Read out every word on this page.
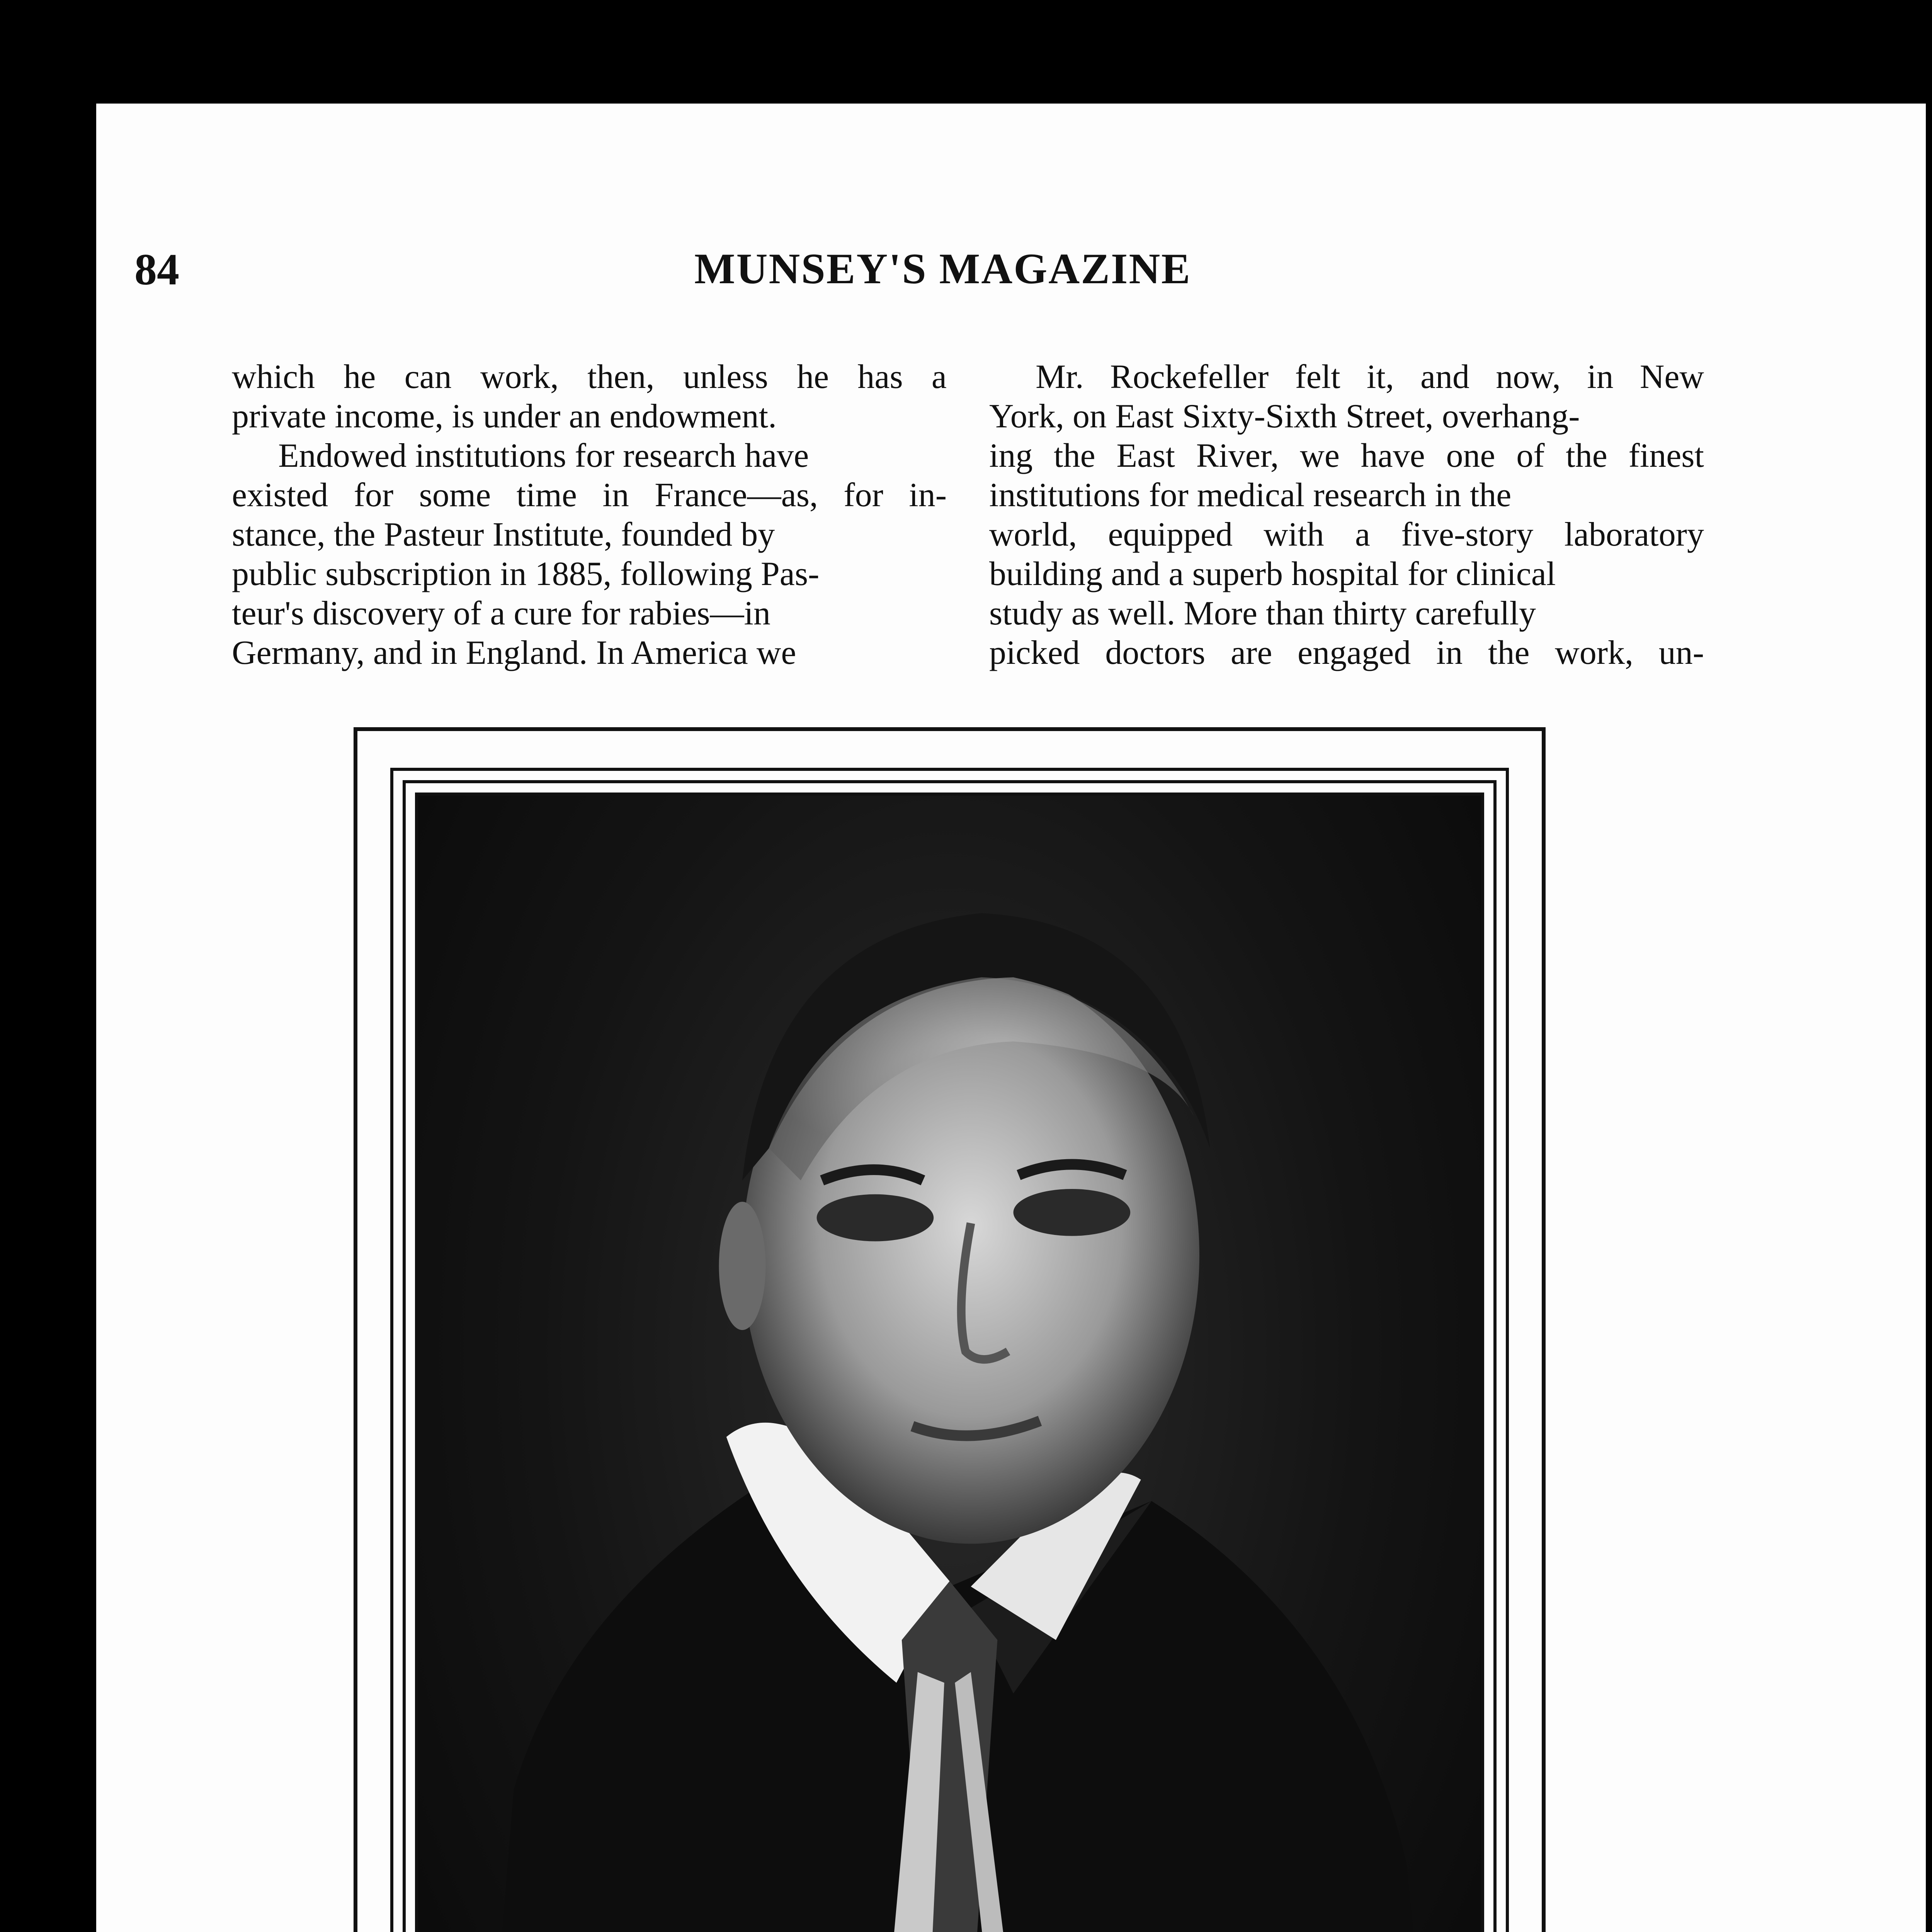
84	MUNSEY'S MAGAZINE
which he can work, then, unless he has a
private income, is under an endowment.
Endowed institutions for research have
existed for some time in France—as, for in-
stance, the Pasteur Institute, founded by
public subscription in 1885, following Pas-
teur's discovery of a cure for rabies—in
Germany, and in England. In America we
Mr. Rockefeller felt it, and now, in New
York, on East Sixty-Sixth Street, overhang-
ing the East River, we have one of the finest
institutions for medical research in the
world, equipped with a five-story laboratory
building and a superb hospital for clinical
study as well. More than thirty carefully
picked doctors are engaged in the work, un-
